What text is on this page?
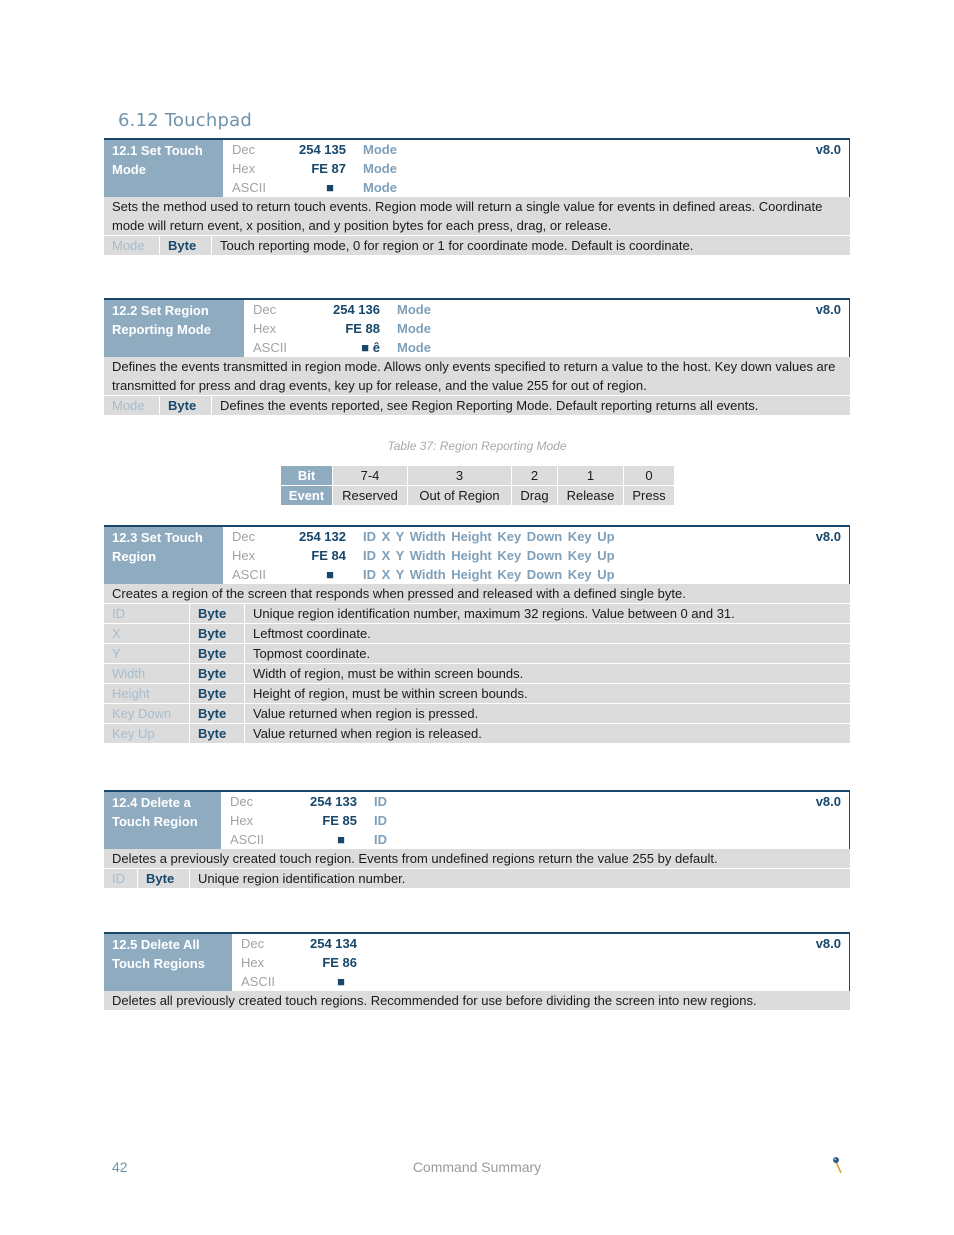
6.12 Touchpad
12.1 Set Touch Mode
Dec	254 135 Mode
Hex	FE 87 Mode
ASCII	■ Mode
v8.0
Sets the method used to return touch events. Region mode will return a single value for events in defined areas. Coordinate mode will return event, x position, and y position bytes for each press, drag, or release.
Mode	Byte	Touch reporting mode, 0 for region or 1 for coordinate mode. Default is coordinate.
12.2 Set Region Reporting Mode
Dec	254 136 Mode
Hex	FE 88 Mode
ASCII	■ ê Mode
v8.0
Defines the events transmitted in region mode. Allows only events specified to return a value to the host. Key down values are transmitted for press and drag events, key up for release, and the value 255 for out of region.
Mode	Byte	Defines the events reported, see Region Reporting Mode. Default reporting returns all events.
Table 37: Region Reporting Mode
Bit	7-4	3	2	1	0
Event	Reserved	Out of Region	Drag	Release	Press
12.3 Set Touch Region
Dec	254 132 ID X Y Width Height Key Down Key Up
Hex	FE 84 ID X Y Width Height Key Down Key Up
ASCII	■ ID X Y Width Height Key Down Key Up
v8.0
Creates a region of the screen that responds when pressed and released with a defined single byte.
ID	Byte	Unique region identification number, maximum 32 regions. Value between 0 and 31.
X	Byte	Leftmost coordinate.
Y	Byte	Topmost coordinate.
Width	Byte	Width of region, must be within screen bounds.
Height	Byte	Height of region, must be within screen bounds.
Key Down	Byte	Value returned when region is pressed.
Key Up	Byte	Value returned when region is released.
12.4 Delete a Touch Region
Dec	254 133 ID
Hex	FE 85 ID
ASCII	■ ID
v8.0
Deletes a previously created touch region. Events from undefined regions return the value 255 by default.
ID	Byte	Unique region identification number.
12.5 Delete All Touch Regions
Dec	254 134
Hex	FE 86
ASCII	■
v8.0
Deletes all previously created touch regions. Recommended for use before dividing the screen into new regions.
42	Command Summary
